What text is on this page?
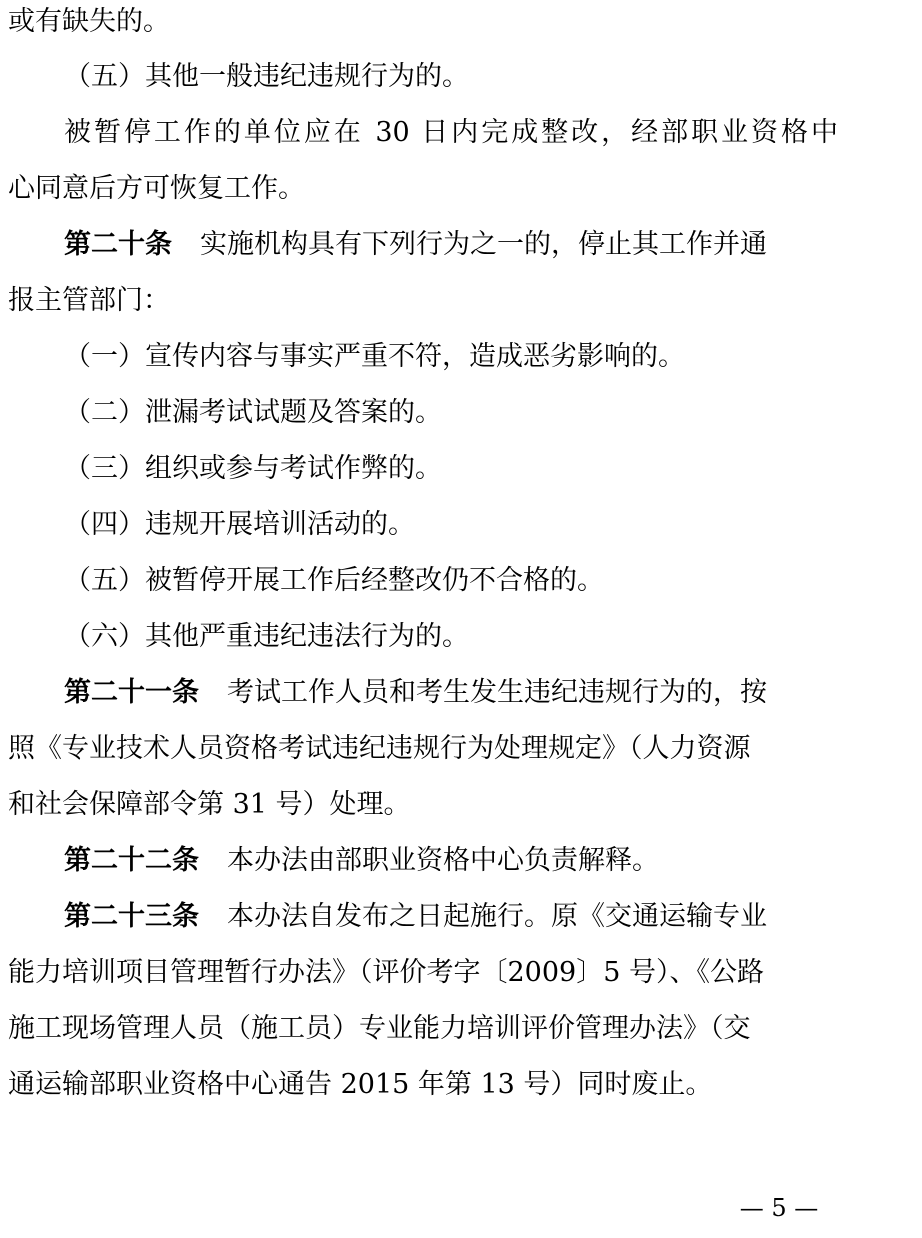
或有缺失的。
（五）其他一般违纪违规行为的。
被暂停工作的单位应在 30 日内完成整改，经部职业资格中
心同意后方可恢复工作。
第二十条 实施机构具有下列行为之一的，停止其工作并通
报主管部门：
（一）宣传内容与事实严重不符，造成恶劣影响的。
（二）泄漏考试试题及答案的。
（三）组织或参与考试作弊的。
（四）违规开展培训活动的。
（五）被暂停开展工作后经整改仍不合格的。
（六）其他严重违纪违法行为的。
第二十一条 考试工作人员和考生发生违纪违规行为的，按
照《专业技术人员资格考试违纪违规行为处理规定》（人力资源
和社会保障部令第 31 号）处理。
第二十二条 本办法由部职业资格中心负责解释。
第二十三条 本办法自发布之日起施行。原《交通运输专业
能力培训项目管理暂行办法》（评价考字〔2009〕5 号）、《公路
施工现场管理人员（施工员）专业能力培训评价管理办法》（交
通运输部职业资格中心通告 2015 年第 13 号）同时废止。
— 5 —
